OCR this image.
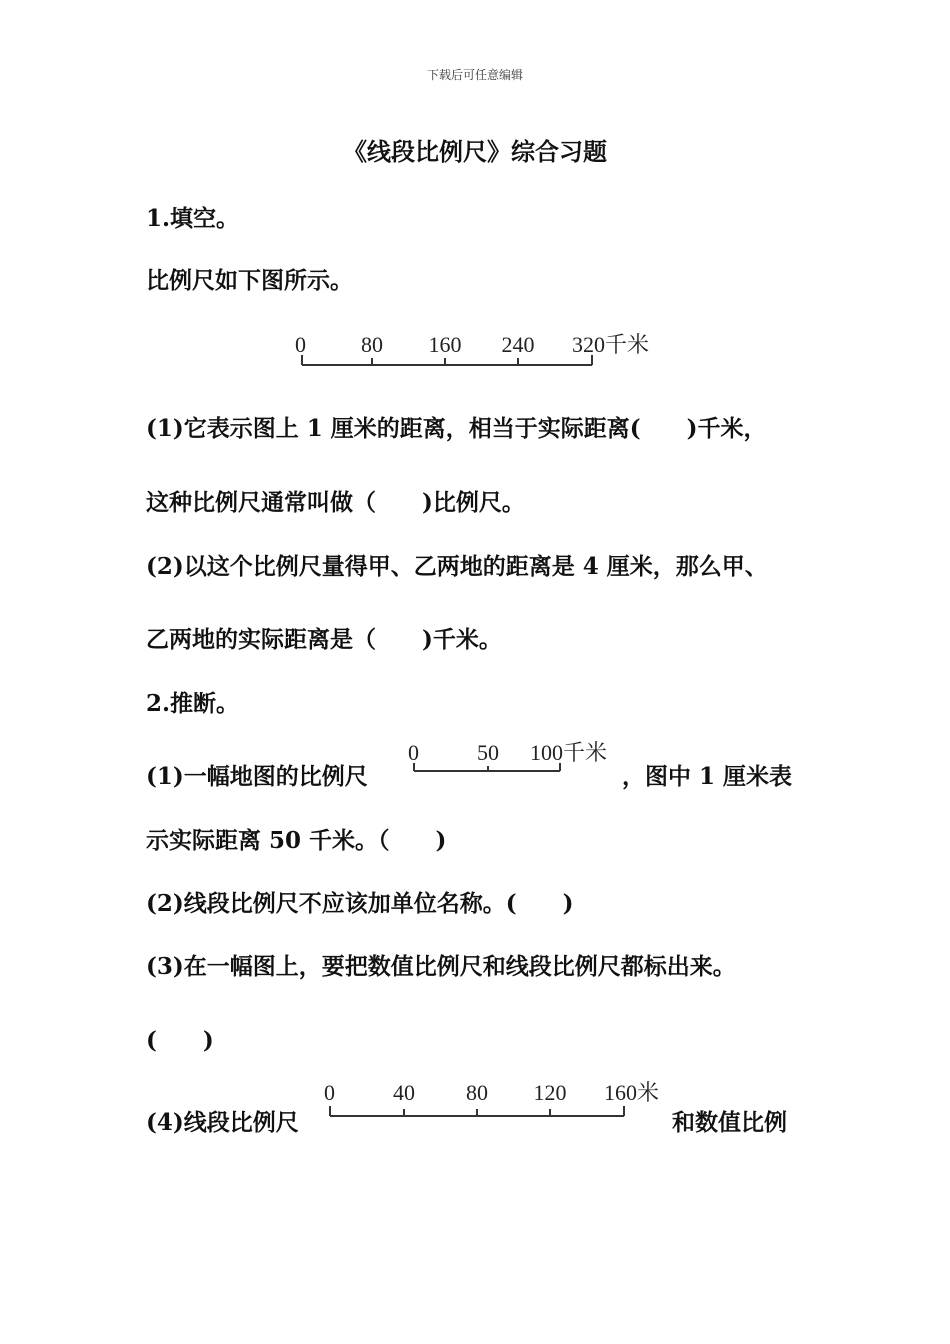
下载后可任意编辑
《线段比例尺》综合习题
1.填空。
比例尺如下图所示。
0	80 160 240 320千米
(1)它表示图上 1 厘米的距离，相当于实际距离(　　)千米，
这种比例尺通常叫做（　　)比例尺。
(2)以这个比例尺量得甲、乙两地的距离是 4 厘米，那么甲、
乙两地的实际距离是（　　)千米。
2.推断。
(1)一幅地图的比例尺
0	50 100千米
，图中 1 厘米表
示实际距离 50 千米。（　　)
(2)线段比例尺不应该加单位名称。(　　)
(3)在一幅图上，要把数值比例尺和线段比例尺都标出来。
(　　)
(4)线段比例尺
0	40 80 120 160米
和数值比例
